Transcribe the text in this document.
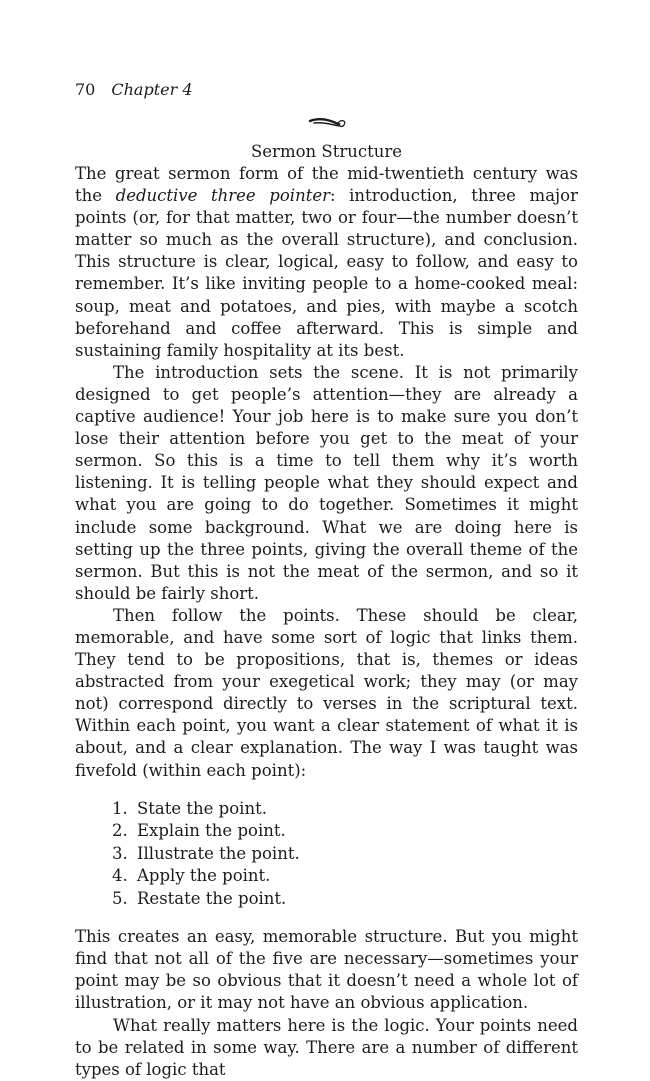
70 Chapter 4
Sermon Structure

The great sermon form of the mid-twentieth century was the deductive three pointer: introduction, three major points (or, for that matter, two or four—the number doesn’t matter so much as the overall structure), and conclusion. This structure is clear, logical, easy to follow, and easy to remember. It’s like inviting people to a home-cooked meal: soup, meat and potatoes, and pies, with maybe a scotch beforehand and coffee afterward. This is simple and sustaining family hospitality at its best.

The introduction sets the scene. It is not primarily designed to get people’s attention—they are already a captive audience! Your job here is to make sure you don’t lose their attention before you get to the meat of your sermon. So this is a time to tell them why it’s worth listening. It is telling people what they should expect and what you are going to do together. Sometimes it might include some background. What we are doing here is setting up the three points, giving the overall theme of the sermon. But this is not the meat of the sermon, and so it should be fairly short.

Then follow the points. These should be clear, memorable, and have some sort of logic that links them. They tend to be propositions, that is, themes or ideas abstracted from your exegetical work; they may (or may not) correspond directly to verses in the scriptural text. Within each point, you want a clear statement of what it is about, and a clear explanation. The way I was taught was fivefold (within each point):

1. State the point.
2. Explain the point.
3. Illustrate the point.
4. Apply the point.
5. Restate the point.

This creates an easy, memorable structure. But you might find that not all of the five are necessary—sometimes your point may be so obvious that it doesn’t need a whole lot of illustration, or it may not have an obvious application.

What really matters here is the logic. Your points need to be related in some way. There are a number of different types of logic that
